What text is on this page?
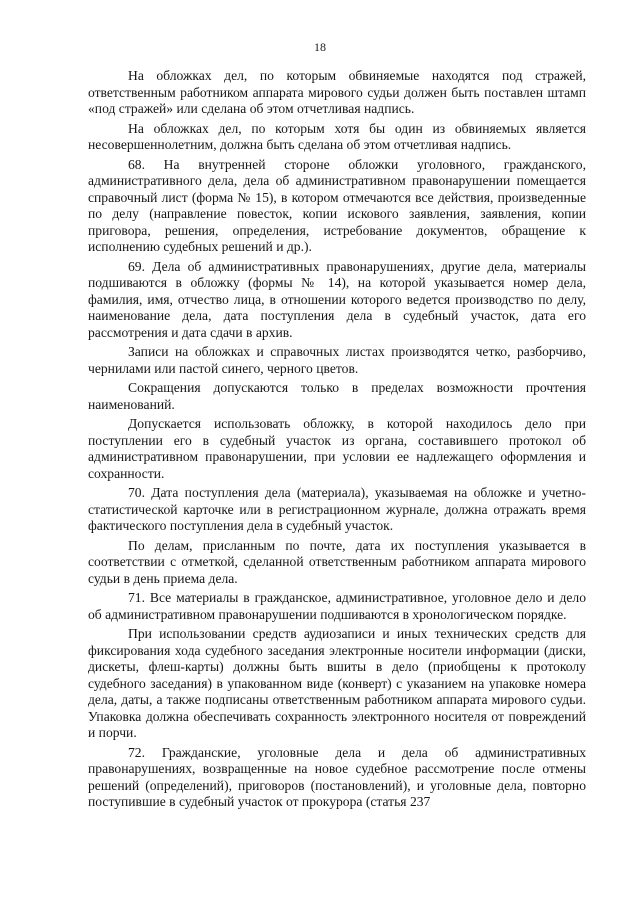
18

На обложках дел, по которым обвиняемые находятся под стражей, ответственным работником аппарата мирового судьи должен быть поставлен штамп «под стражей» или сделана об этом отчетливая надпись.

На обложках дел, по которым хотя бы один из обвиняемых является несовершеннолетним, должна быть сделана об этом отчетливая надпись.

68. На внутренней стороне обложки уголовного, гражданского, административного дела, дела об административном правонарушении помещается справочный лист (форма № 15), в котором отмечаются все действия, произведенные по делу (направление повесток, копии искового заявления, заявления, копии приговора, решения, определения, истребование документов, обращение к исполнению судебных решений и др.).

69. Дела об административных правонарушениях, другие дела, материалы подшиваются в обложку (формы № 14), на которой указывается номер дела, фамилия, имя, отчество лица, в отношении которого ведется производство по делу, наименование дела, дата поступления дела в судебный участок, дата его рассмотрения и дата сдачи в архив.

Записи на обложках и справочных листах производятся четко, разборчиво, чернилами или пастой синего, черного цветов.

Сокращения допускаются только в пределах возможности прочтения наименований.

Допускается использовать обложку, в которой находилось дело при поступлении его в судебный участок из органа, составившего протокол об административном правонарушении, при условии ее надлежащего оформления и сохранности.

70. Дата поступления дела (материала), указываемая на обложке и учетно-статистической карточке или в регистрационном журнале, должна отражать время фактического поступления дела в судебный участок.

По делам, присланным по почте, дата их поступления указывается в соответствии с отметкой, сделанной ответственным работником аппарата мирового судьи в день приема дела.

71. Все материалы в гражданское, административное, уголовное дело и дело об административном правонарушении подшиваются в хронологическом порядке.

При использовании средств аудиозаписи и иных технических средств для фиксирования хода судебного заседания электронные носители информации (диски, дискеты, флеш-карты) должны быть вшиты в дело (приобщены к протоколу судебного заседания) в упакованном виде (конверт) с указанием на упаковке номера дела, даты, а также подписаны ответственным работником аппарата мирового судьи. Упаковка должна обеспечивать сохранность электронного носителя от повреждений и порчи.

72. Гражданские, уголовные дела и дела об административных правонарушениях, возвращенные на новое судебное рассмотрение после отмены решений (определений), приговоров (постановлений), и уголовные дела, повторно поступившие в судебный участок от прокурора (статья 237
